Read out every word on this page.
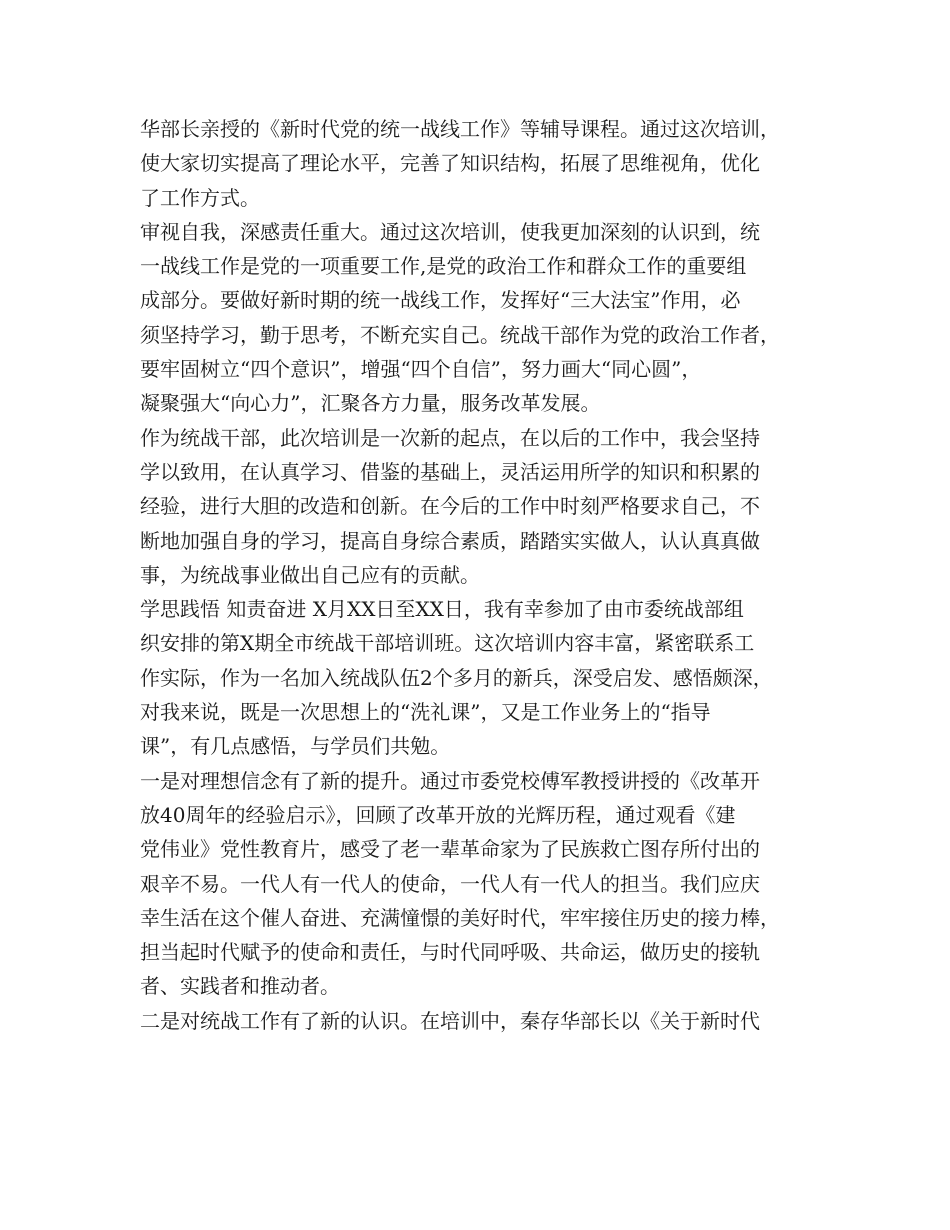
华部长亲授的《新时代党的统一战线工作》等辅导课程。通过这次培训，
使大家切实提高了理论水平，完善了知识结构，拓展了思维视角，优化
了工作方式。
审视自我，深感责任重大。通过这次培训，使我更加深刻的认识到，统
一战线工作是党的一项重要工作,是党的政治工作和群众工作的重要组
成部分。要做好新时期的统一战线工作，发挥好“三大法宝”作用，必
须坚持学习，勤于思考，不断充实自己。统战干部作为党的政治工作者，
要牢固树立“四个意识”，增强“四个自信”，努力画大“同心圆”，
凝聚强大“向心力”，汇聚各方力量，服务改革发展。
作为统战干部，此次培训是一次新的起点，在以后的工作中，我会坚持
学以致用，在认真学习、借鉴的基础上，灵活运用所学的知识和积累的
经验，进行大胆的改造和创新。在今后的工作中时刻严格要求自己，不
断地加强自身的学习，提高自身综合素质，踏踏实实做人，认认真真做
事，为统战事业做出自己应有的贡献。
学思践悟 知责奋进 X月XX日至XX日，我有幸参加了由市委统战部组
织安排的第X期全市统战干部培训班。这次培训内容丰富，紧密联系工
作实际，作为一名加入统战队伍2个多月的新兵，深受启发、感悟颇深，
对我来说，既是一次思想上的“洗礼课”，又是工作业务上的“指导
课”，有几点感悟，与学员们共勉。
一是对理想信念有了新的提升。通过市委党校傅军教授讲授的《改革开
放40周年的经验启示》，回顾了改革开放的光辉历程，通过观看《建
党伟业》党性教育片，感受了老一辈革命家为了民族救亡图存所付出的
艰辛不易。一代人有一代人的使命，一代人有一代人的担当。我们应庆
幸生活在这个催人奋进、充满憧憬的美好时代，牢牢接住历史的接力棒，
担当起时代赋予的使命和责任，与时代同呼吸、共命运，做历史的接轨
者、实践者和推动者。
二是对统战工作有了新的认识。在培训中，秦存华部长以《关于新时代
